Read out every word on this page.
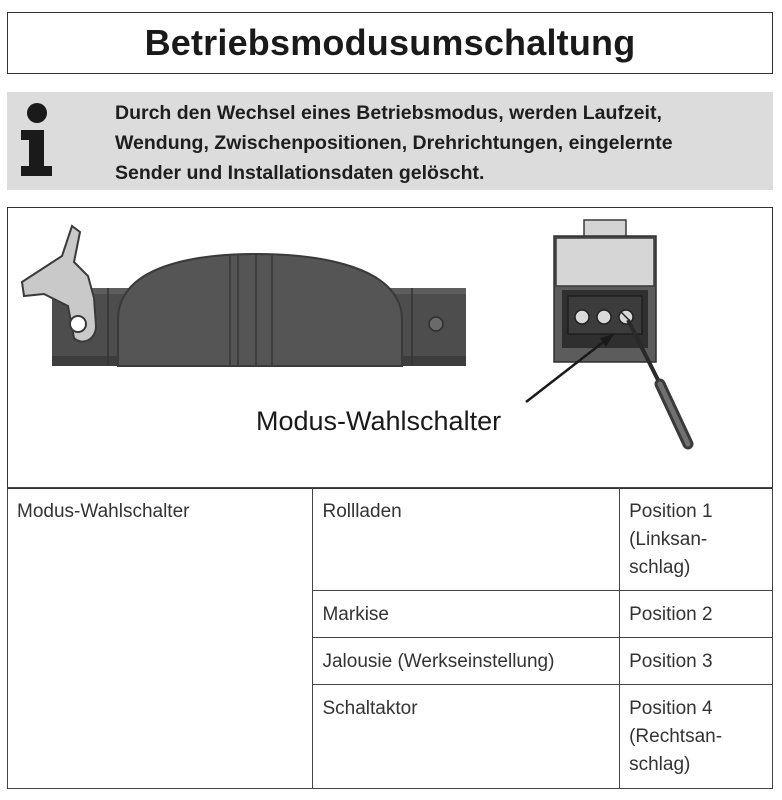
Betriebsmodusumschaltung
Durch den Wechsel eines Betriebsmodus, werden Laufzeit,
Wendung, Zwischenpositionen, Drehrichtungen, eingelernte
Sender und Installationsdaten gelöscht.
Modus-Wahlschalter
Modus-Wahlschalter	Rollladen	Position 1
(Linksan-
schlag)

	Markise	Position 2

	Jalousie (Werkseinstellung)	Position 3

	Schaltaktor	Position 4
(Rechtsan-
schlag)
